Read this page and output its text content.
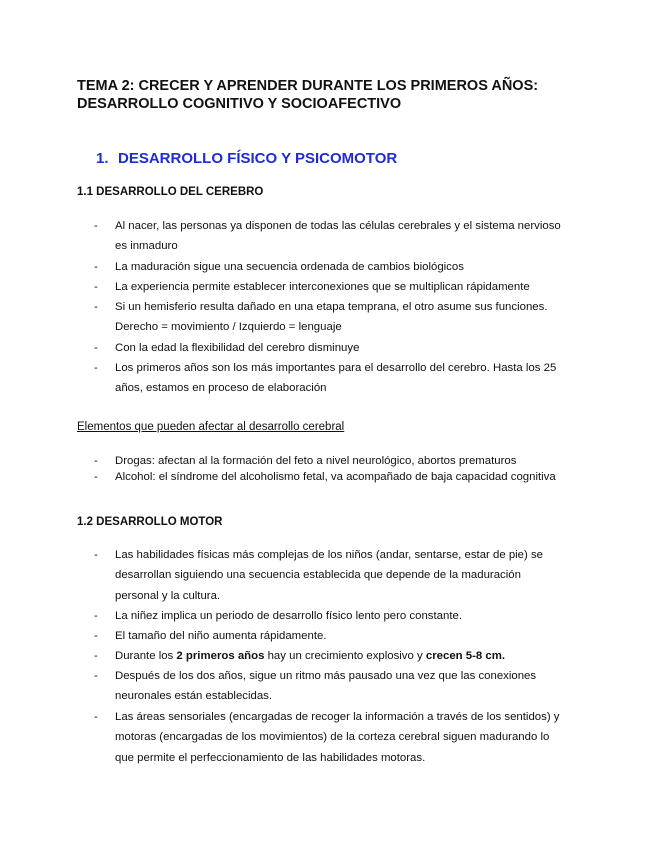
TEMA 2: CRECER Y APRENDER DURANTE LOS PRIMEROS AÑOS:
DESARROLLO COGNITIVO Y SOCIOAFECTIVO
1. DESARROLLO FÍSICO Y PSICOMOTOR
1.1 DESARROLLO DEL CEREBRO
- Al nacer, las personas ya disponen de todas las células cerebrales y el sistema nervioso
es inmaduro
- La maduración sigue una secuencia ordenada de cambios biológicos
- La experiencia permite establecer interconexiones que se multiplican rápidamente
- Si un hemisferio resulta dañado en una etapa temprana, el otro asume sus funciones.
Derecho = movimiento / Izquierdo = lenguaje
- Con la edad la flexibilidad del cerebro disminuye
- Los primeros años son los más importantes para el desarrollo del cerebro. Hasta los 25
años, estamos en proceso de elaboración
Elementos que pueden afectar al desarrollo cerebral
- Drogas: afectan al la formación del feto a nivel neurológico, abortos prematuros
- Alcohol: el síndrome del alcoholismo fetal, va acompañado de baja capacidad cognitiva
1.2 DESARROLLO MOTOR
- Las habilidades físicas más complejas de los niños (andar, sentarse, estar de pie) se
desarrollan siguiendo una secuencia establecida que depende de la maduración
personal y la cultura.
- La niñez implica un periodo de desarrollo físico lento pero constante.
- El tamaño del niño aumenta rápidamente.
- Durante los 2 primeros años hay un crecimiento explosivo y crecen 5-8 cm.
- Después de los dos años, sigue un ritmo más pausado una vez que las conexiones
neuronales están establecidas.
- Las áreas sensoriales (encargadas de recoger la información a través de los sentidos) y
motoras (encargadas de los movimientos) de la corteza cerebral siguen madurando lo
que permite el perfeccionamiento de las habilidades motoras.
